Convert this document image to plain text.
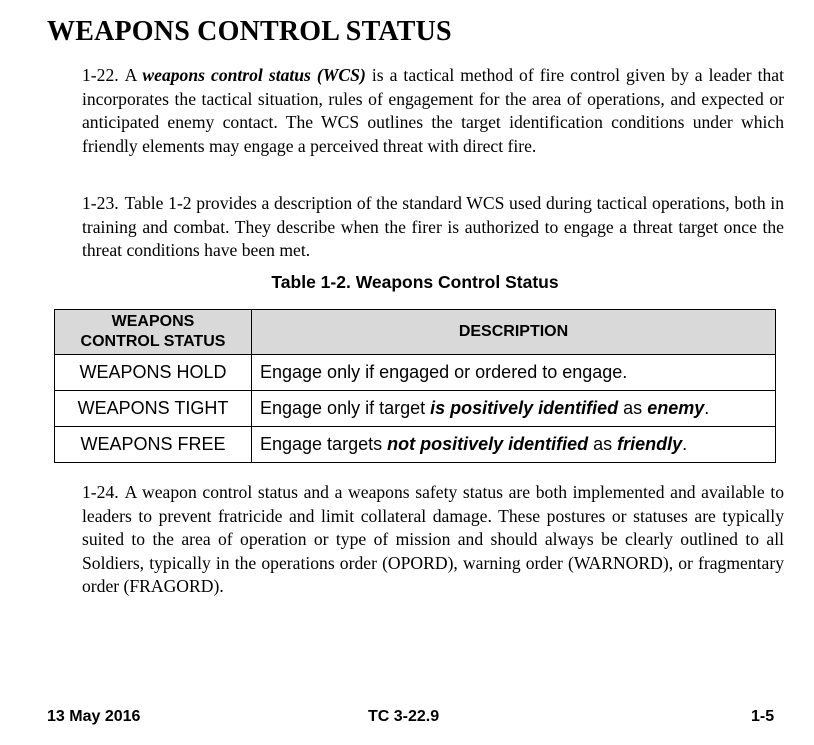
WEAPONS CONTROL STATUS

1-22. A weapons control status (WCS) is a tactical method of fire control given by a leader that incorporates the tactical situation, rules of engagement for the area of operations, and expected or anticipated enemy contact. The WCS outlines the target identification conditions under which friendly elements may engage a perceived threat with direct fire.

1-23. Table 1-2 provides a description of the standard WCS used during tactical operations, both in training and combat. They describe when the firer is authorized to engage a threat target once the threat conditions have been met.

Table 1-2. Weapons Control Status

WEAPONS
CONTROL STATUS	DESCRIPTION
WEAPONS HOLD	Engage only if engaged or ordered to engage.
WEAPONS TIGHT	Engage only if target is positively identified as enemy.
WEAPONS FREE	Engage targets not positively identified as friendly.

1-24. A weapon control status and a weapons safety status are both implemented and available to leaders to prevent fratricide and limit collateral damage. These postures or statuses are typically suited to the area of operation or type of mission and should always be clearly outlined to all Soldiers, typically in the operations order (OPORD), warning order (WARNORD), or fragmentary order (FRAGORD).

13 May 2016	TC 3-22.9	1-5
